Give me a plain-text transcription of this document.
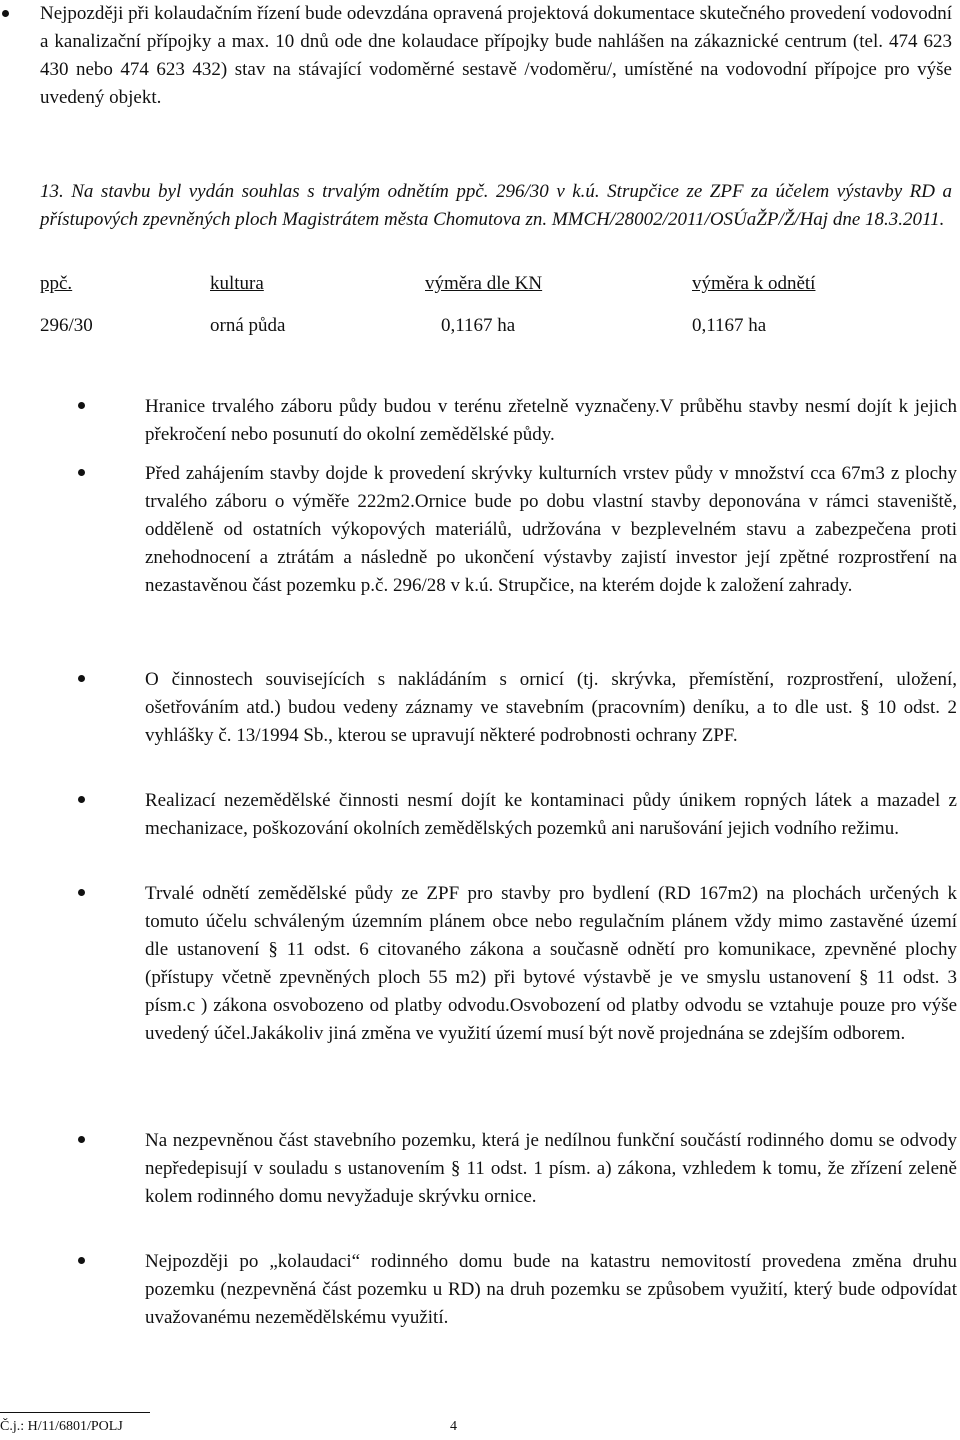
Nejpozději při kolaudačním řízení bude odevzdána opravená projektová dokumentace skutečného provedení vodovodní a kanalizační přípojky a max. 10 dnů ode dne kolaudace přípojky bude nahlášen na zákaznické centrum (tel. 474 623 430 nebo 474 623 432) stav na stávající vodoměrné sestavě /vodoměru/, umístěné na vodovodní přípojce pro výše uvedený objekt.

13. Na stavbu byl vydán souhlas s trvalým odnětím ppč. 296/30 v k.ú. Strupčice ze ZPF za účelem výstavby RD a přístupových zpevněných ploch Magistrátem města Chomutova zn. MMCH/28002/2011/OSÚaŽP/Ž/Haj dne 18.3.2011.

ppč.	kultura	výměra dle KN	výměra k odnětí
296/30	orná půda	0,1167 ha	0,1167 ha

Hranice trvalého záboru půdy budou v terénu zřetelně vyznačeny.V průběhu stavby nesmí dojít k jejich překročení nebo posunutí do okolní zemědělské půdy.

Před zahájením stavby dojde k provedení skrývky kulturních vrstev půdy v množství cca 67m3 z plochy trvalého záboru o výměře 222m2.Ornice bude po dobu vlastní stavby deponována v rámci staveniště, odděleně od ostatních výkopových materiálů, udržována v bezplevelném stavu a zabezpečena proti znehodnocení a ztrátám a následně po ukončení výstavby zajistí investor její zpětné rozprostření na nezastavěnou část pozemku p.č. 296/28 v k.ú. Strupčice, na kterém dojde k založení zahrady.

O činnostech souvisejících s nakládáním s ornicí (tj. skrývka, přemístění, rozprostření, uložení, ošetřováním atd.) budou vedeny záznamy ve stavebním (pracovním) deníku, a to dle ust. § 10 odst. 2 vyhlášky č. 13/1994 Sb., kterou se upravují některé podrobnosti ochrany ZPF.

Realizací nezemědělské činnosti nesmí dojít ke kontaminaci půdy únikem ropných látek a mazadel z mechanizace, poškozování okolních zemědělských pozemků ani narušování jejich vodního režimu.

Trvalé odnětí zemědělské půdy ze ZPF pro stavby pro bydlení (RD 167m2) na plochách určených k tomuto účelu schváleným územním plánem obce nebo regulačním plánem vždy mimo zastavěné území dle ustanovení § 11 odst. 6 citovaného zákona a současně odnětí pro komunikace, zpevněné plochy (přístupy včetně zpevněných ploch 55 m2) při bytové výstavbě je ve smyslu ustanovení § 11 odst. 3 písm.c ) zákona osvobozeno od platby odvodu.Osvobození od platby odvodu se vztahuje pouze pro výše uvedený účel.Jakákoliv jiná změna ve využití území musí být nově projednána se zdejším odborem.

Na nezpevněnou část stavebního pozemku, která je nedílnou funkční součástí rodinného domu se odvody nepředepisují v souladu s ustanovením § 11 odst. 1 písm. a) zákona, vzhledem k tomu, že zřízení zeleně kolem rodinného domu nevyžaduje skrývku ornice.

Nejpozději po „kolaudaci“ rodinného domu bude na katastru nemovitostí provedena změna druhu pozemku (nezpevněná část pozemku u RD) na druh pozemku se způsobem využití, který bude odpovídat uvažovanému nezemědělskému využití.

Č.j.: H/11/6801/POLJ	4
